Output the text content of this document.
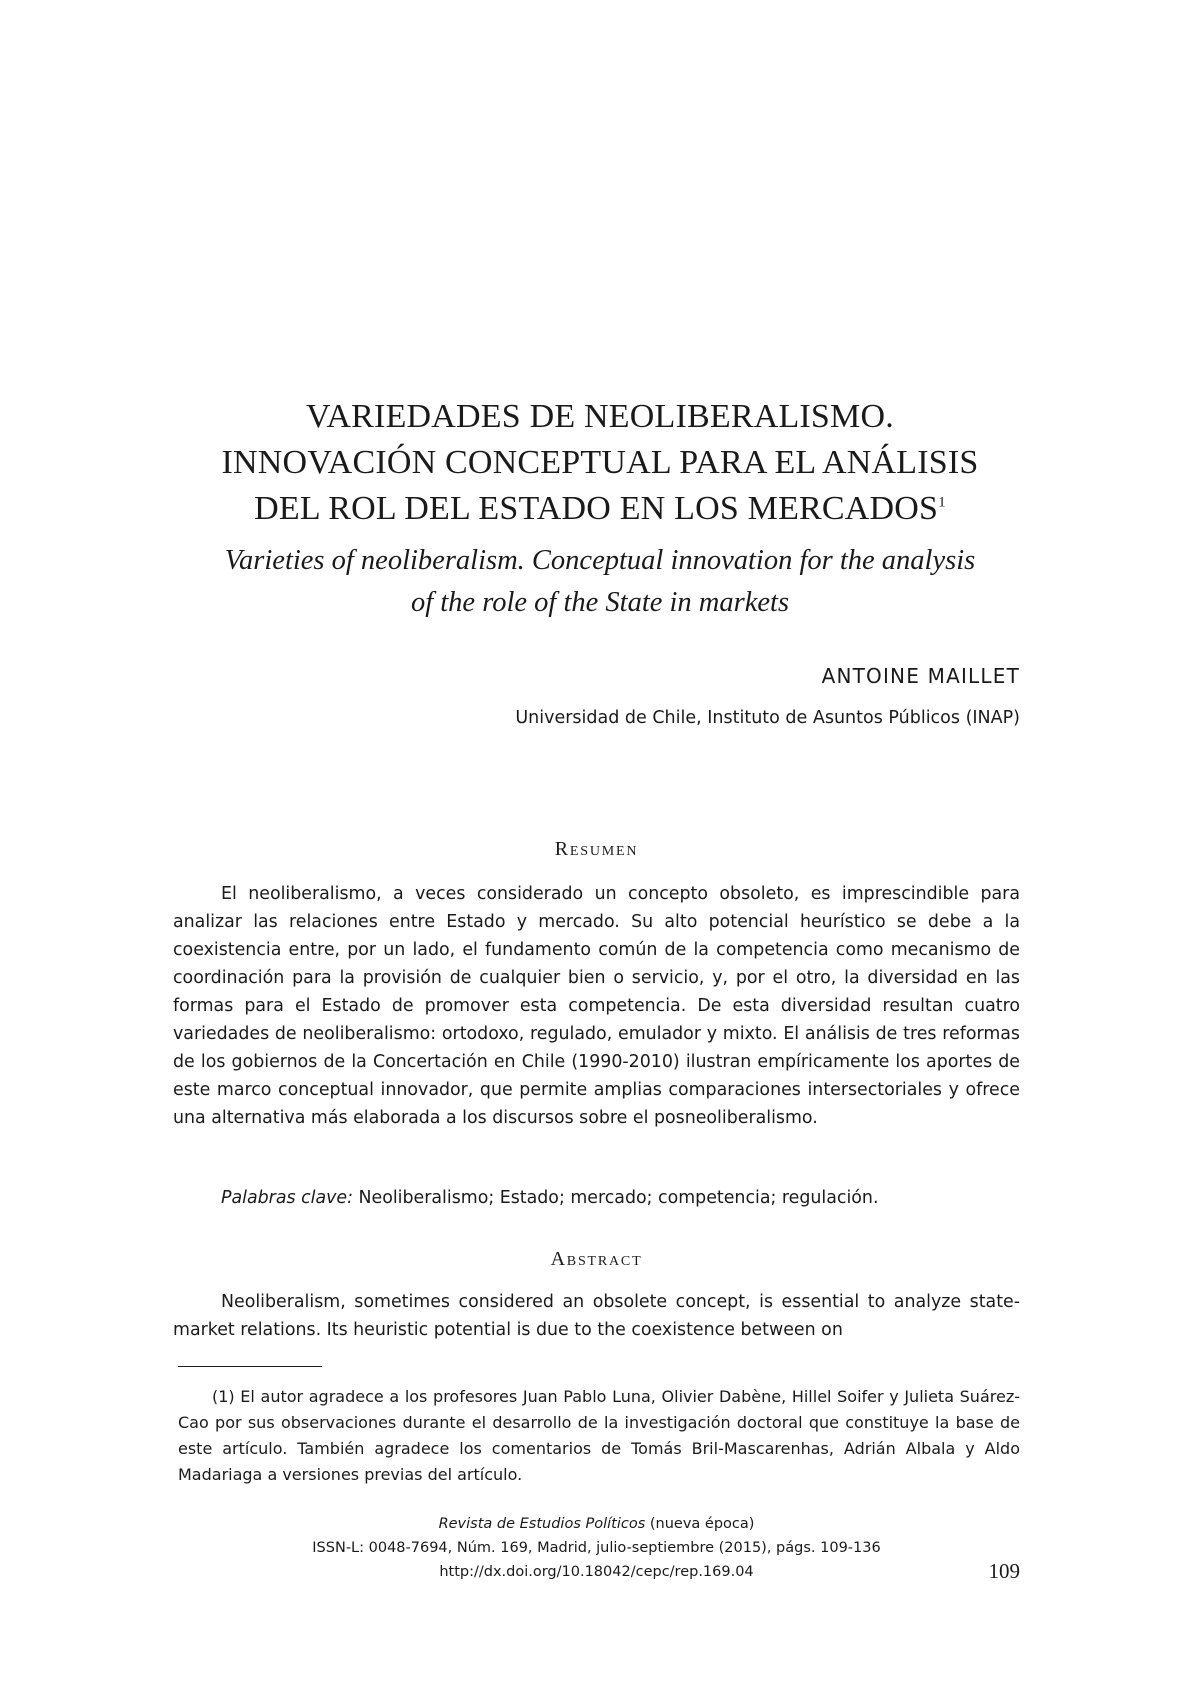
VARIEDADES DE NEOLIBERALISMO.
INNOVACIÓN CONCEPTUAL PARA EL ANÁLISIS
DEL ROL DEL ESTADO EN LOS MERCADOS$^1$
Varieties of neoliberalism. Conceptual innovation for the analysis
of the role of the State in markets
ANTOINE MAILLET
Universidad de Chile, Instituto de Asuntos Públicos (INAP)
Resumen

El neoliberalismo, a veces considerado un concepto obsoleto, es imprescindible para analizar las relaciones entre Estado y mercado. Su alto potencial heurístico se debe a la coexistencia entre, por un lado, el fundamento común de la competencia como mecanismo de coordinación para la provisión de cualquier bien o servicio, y, por el otro, la diversidad en las formas para el Estado de promover esta competencia. De esta diversidad resultan cuatro variedades de neoliberalismo: ortodoxo, regulado, emulador y mixto. El análisis de tres reformas de los gobiernos de la Concertación en Chile (1990-2010) ilustran empíricamente los aportes de este marco conceptual innovador, que permite amplias comparaciones intersectoriales y ofrece una alternativa más elaborada a los discursos sobre el posneoliberalismo.

Palabras clave: Neoliberalismo; Estado; mercado; competencia; regulación.
Abstract

Neoliberalism, sometimes considered an obsolete concept, is essential to analyze state-market relations. Its heuristic potential is due to the coexistence between on

(1) El autor agradece a los profesores Juan Pablo Luna, Olivier Dabène, Hillel Soifer y Julieta Suárez-Cao por sus observaciones durante el desarrollo de la investigación doctoral que constituye la base de este artículo. También agradece los comentarios de Tomás Bril-Mascarenhas, Adrián Albala y Aldo Madariaga a versiones previas del artículo.

Revista de Estudios Políticos (nueva época)
ISSN-L: 0048-7694, Núm. 169, Madrid, julio-septiembre (2015), págs. 109-136
http://dx.doi.org/10.18042/cepc/rep.169.04	109
